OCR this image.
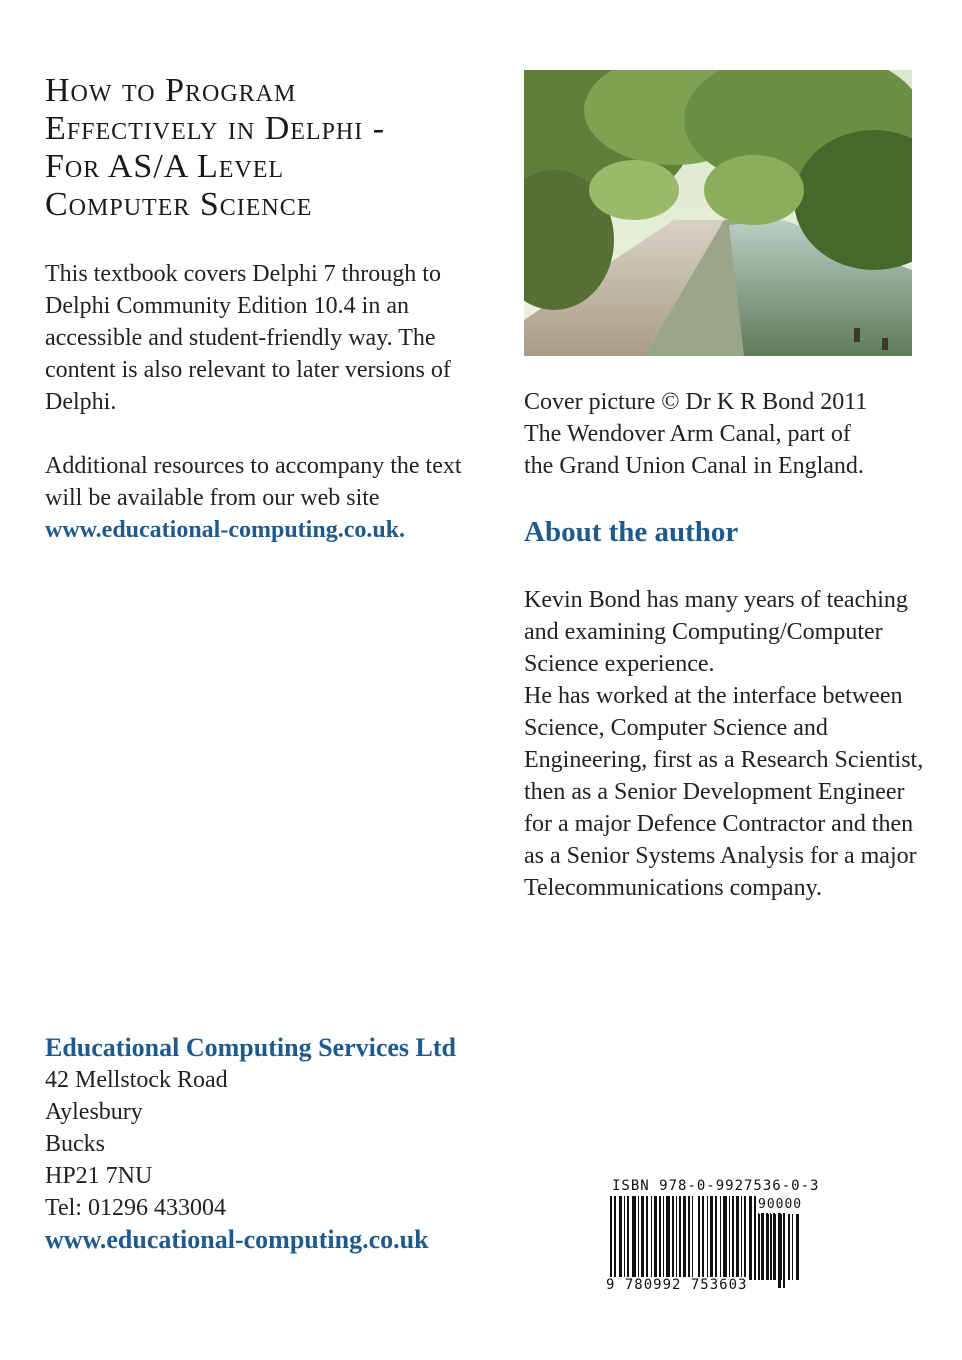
How to Program
Effectively in Delphi -
For AS/A Level
Computer Science
This textbook covers Delphi 7 through to Delphi Community Edition 10.4 in an accessible and student-friendly way. The content is also relevant to later versions of Delphi.
Additional resources to accompany the text will be available from our web site
www.educational-computing.co.uk.
Cover picture © Dr K R Bond 2011
The Wendover Arm Canal, part of
the Grand Union Canal in England.
About the author
Kevin Bond has many years of teaching and examining Computing/Computer Science experience.
He has worked at the interface between Science, Computer Science and Engineering, first as a Research Scientist, then as a Senior Development Engineer for a major Defence Contractor and then as a Senior Systems Analysis for a major Telecommunications company.
Educational Computing Services Ltd
42 Mellstock Road
Aylesbury
Bucks
HP21 7NU
Tel: 01296 433004
www.educational-computing.co.uk
ISBN 978-0-9927536-0-3
90000
9 780992 753603
